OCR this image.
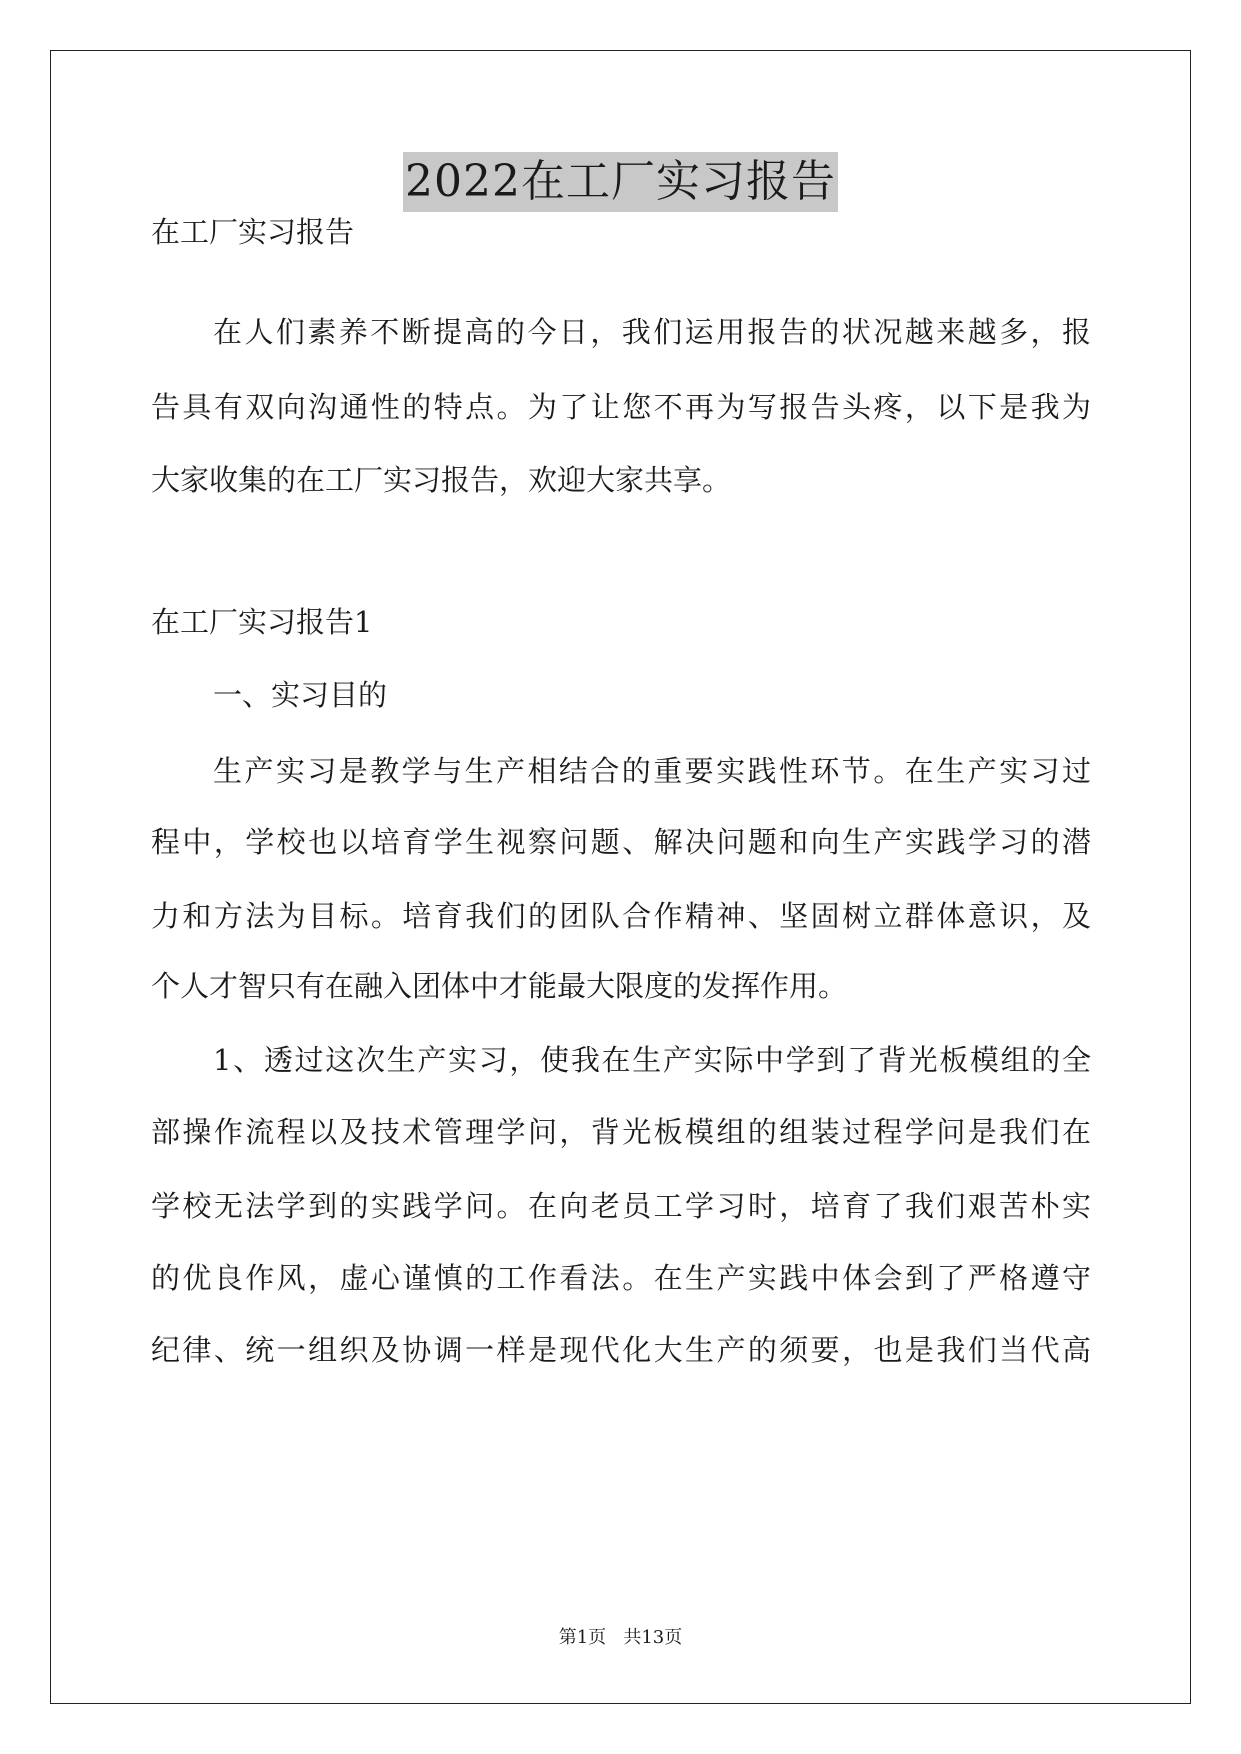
2022在工厂实习报告
在工厂实习报告
在人们素养不断提高的今日，我们运用报告的状况越来越多，报
告具有双向沟通性的特点。为了让您不再为写报告头疼，以下是我为
大家收集的在工厂实习报告，欢迎大家共享。
在工厂实习报告1
一、实习目的
生产实习是教学与生产相结合的重要实践性环节。在生产实习过
程中，学校也以培育学生视察问题、解决问题和向生产实践学习的潜
力和方法为目标。培育我们的团队合作精神、坚固树立群体意识，及
个人才智只有在融入团体中才能最大限度的发挥作用。
1、透过这次生产实习，使我在生产实际中学到了背光板模组的全
部操作流程以及技术管理学问，背光板模组的组装过程学问是我们在
学校无法学到的实践学问。在向老员工学习时，培育了我们艰苦朴实
的优良作风，虚心谨慎的工作看法。在生产实践中体会到了严格遵守
纪律、统一组织及协调一样是现代化大生产的须要，也是我们当代高
第1页 共13页
